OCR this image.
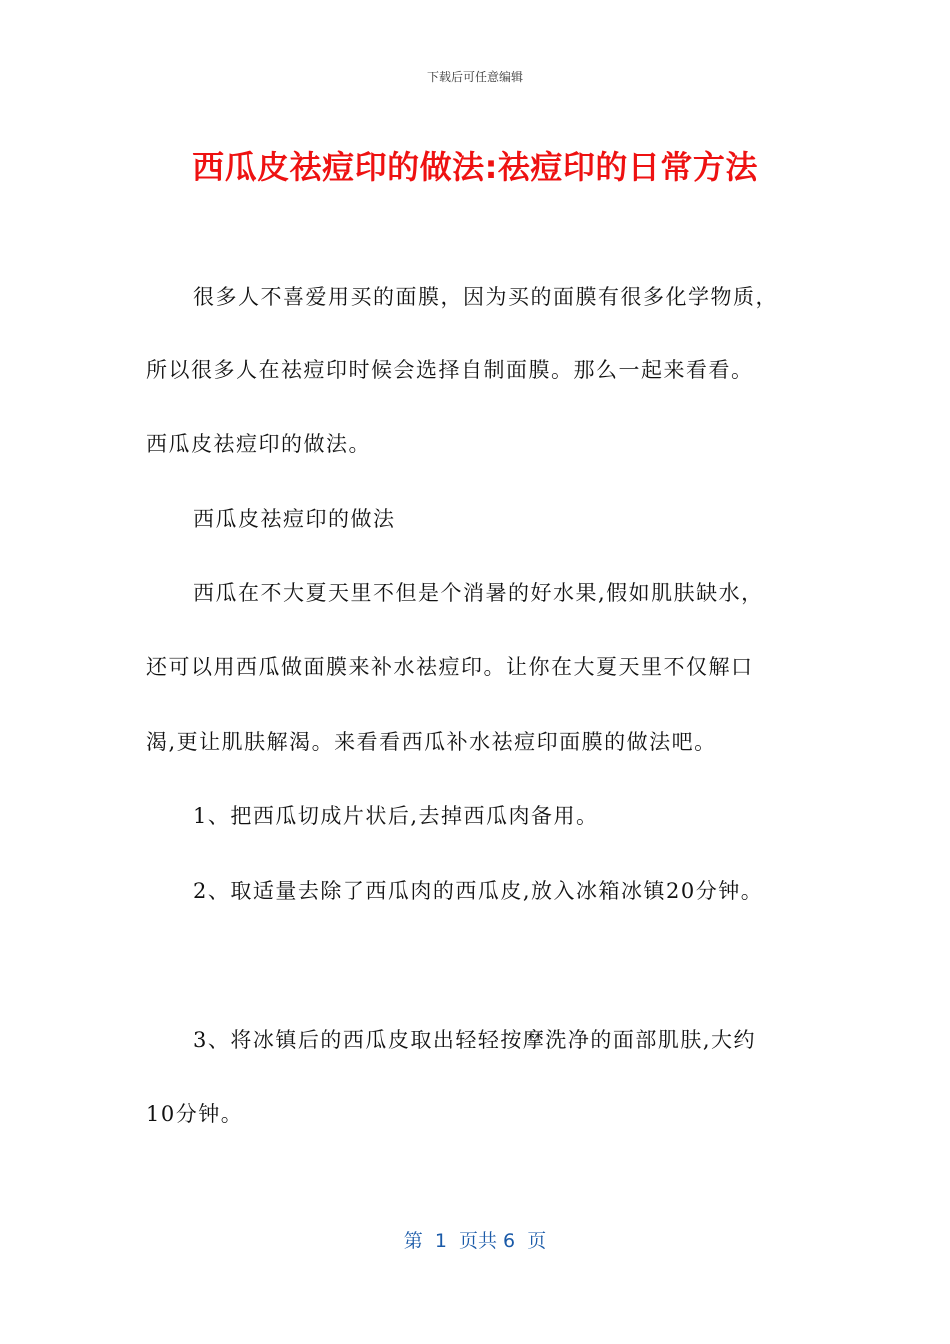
下载后可任意编辑
西瓜皮祛痘印的做法:祛痘印的日常方法
很多人不喜爱用买的面膜，因为买的面膜有很多化学物质，
所以很多人在祛痘印时候会选择自制面膜。那么一起来看看。
西瓜皮祛痘印的做法。
西瓜皮祛痘印的做法
西瓜在不大夏天里不但是个消暑的好水果,假如肌肤缺水，
还可以用西瓜做面膜来补水祛痘印。让你在大夏天里不仅解口
渴,更让肌肤解渴。来看看西瓜补水祛痘印面膜的做法吧。
1、把西瓜切成片状后,去掉西瓜肉备用。
2、取适量去除了西瓜肉的西瓜皮,放入冰箱冰镇20分钟。
3、将冰镇后的西瓜皮取出轻轻按摩洗净的面部肌肤,大约
10分钟。
第  1  页共 6  页
